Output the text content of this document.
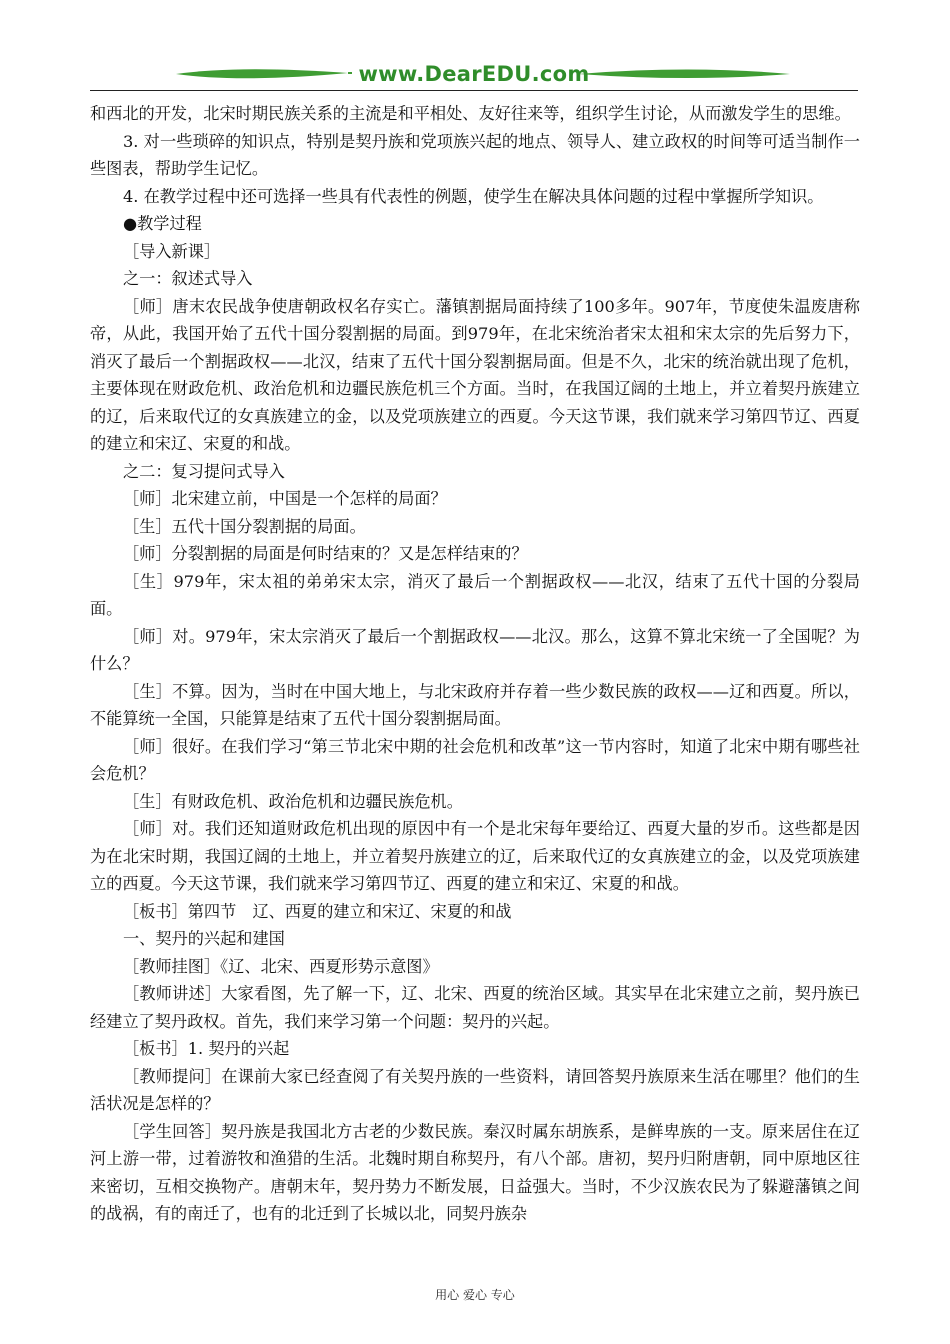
www.DearEDU.com

和西北的开发，北宋时期民族关系的主流是和平相处、友好往来等，组织学生讨论，从而激发学生的思维。

3. 对一些琐碎的知识点，特别是契丹族和党项族兴起的地点、领导人、建立政权的时间等可适当制作一些图表，帮助学生记忆。

4. 在教学过程中还可选择一些具有代表性的例题，使学生在解决具体问题的过程中掌握所学知识。

●教学过程

［导入新课］

之一：叙述式导入

［师］唐末农民战争使唐朝政权名存实亡。藩镇割据局面持续了100多年。907年，节度使朱温废唐称帝，从此，我国开始了五代十国分裂割据的局面。到979年，在北宋统治者宋太祖和宋太宗的先后努力下，消灭了最后一个割据政权——北汉，结束了五代十国分裂割据局面。但是不久，北宋的统治就出现了危机，主要体现在财政危机、政治危机和边疆民族危机三个方面。当时，在我国辽阔的土地上，并立着契丹族建立的辽，后来取代辽的女真族建立的金，以及党项族建立的西夏。今天这节课，我们就来学习第四节辽、西夏的建立和宋辽、宋夏的和战。

之二：复习提问式导入

［师］北宋建立前，中国是一个怎样的局面？

［生］五代十国分裂割据的局面。

［师］分裂割据的局面是何时结束的？又是怎样结束的？

［生］979年，宋太祖的弟弟宋太宗，消灭了最后一个割据政权——北汉，结束了五代十国的分裂局面。

［师］对。979年，宋太宗消灭了最后一个割据政权——北汉。那么，这算不算北宋统一了全国呢？为什么？

［生］不算。因为，当时在中国大地上，与北宋政府并存着一些少数民族的政权——辽和西夏。所以，不能算统一全国，只能算是结束了五代十国分裂割据局面。

［师］很好。在我们学习“第三节北宋中期的社会危机和改革”这一节内容时，知道了北宋中期有哪些社会危机？

［生］有财政危机、政治危机和边疆民族危机。

［师］对。我们还知道财政危机出现的原因中有一个是北宋每年要给辽、西夏大量的岁币。这些都是因为在北宋时期，我国辽阔的土地上，并立着契丹族建立的辽，后来取代辽的女真族建立的金，以及党项族建立的西夏。今天这节课，我们就来学习第四节辽、西夏的建立和宋辽、宋夏的和战。

［板书］第四节　辽、西夏的建立和宋辽、宋夏的和战

一、契丹的兴起和建国

［教师挂图］《辽、北宋、西夏形势示意图》

［教师讲述］大家看图，先了解一下，辽、北宋、西夏的统治区域。其实早在北宋建立之前，契丹族已经建立了契丹政权。首先，我们来学习第一个问题：契丹的兴起。

［板书］1. 契丹的兴起

［教师提问］在课前大家已经查阅了有关契丹族的一些资料，请回答契丹族原来生活在哪里？他们的生活状况是怎样的？

［学生回答］契丹族是我国北方古老的少数民族。秦汉时属东胡族系，是鲜卑族的一支。原来居住在辽河上游一带，过着游牧和渔猎的生活。北魏时期自称契丹，有八个部。唐初，契丹归附唐朝，同中原地区往来密切，互相交换物产。唐朝末年，契丹势力不断发展，日益强大。当时，不少汉族农民为了躲避藩镇之间的战祸，有的南迁了，也有的北迁到了长城以北，同契丹族杂

用心 爱心 专心
